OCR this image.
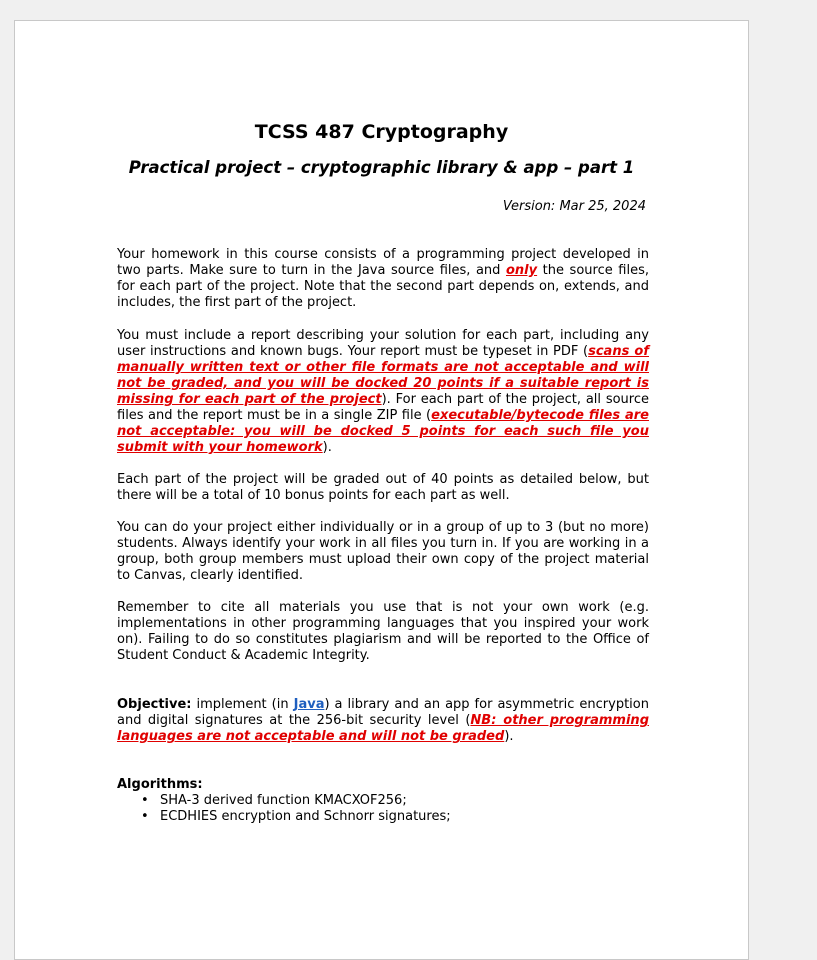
TCSS 487 Cryptography
Practical project – cryptographic library & app – part 1
Version: Mar 25, 2024

Your homework in this course consists of a programming project developed in two parts. Make sure to turn in the Java source files, and only the source files, for each part of the project. Note that the second part depends on, extends, and includes, the first part of the project.

You must include a report describing your solution for each part, including any user instructions and known bugs. Your report must be typeset in PDF (scans of manually written text or other file formats are not acceptable and will not be graded, and you will be docked 20 points if a suitable report is missing for each part of the project). For each part of the project, all source files and the report must be in a single ZIP file (executable/bytecode files are not acceptable: you will be docked 5 points for each such file you submit with your homework).

Each part of the project will be graded out of 40 points as detailed below, but there will be a total of 10 bonus points for each part as well.

You can do your project either individually or in a group of up to 3 (but no more) students. Always identify your work in all files you turn in. If you are working in a group, both group members must upload their own copy of the project material to Canvas, clearly identified.

Remember to cite all materials you use that is not your own work (e.g. implementations in other programming languages that you inspired your work on). Failing to do so constitutes plagiarism and will be reported to the Office of Student Conduct & Academic Integrity.

Objective: implement (in Java) a library and an app for asymmetric encryption and digital signatures at the 256-bit security level (NB: other programming languages are not acceptable and will not be graded).

Algorithms:
• SHA-3 derived function KMACXOF256;
• ECDHIES encryption and Schnorr signatures;
